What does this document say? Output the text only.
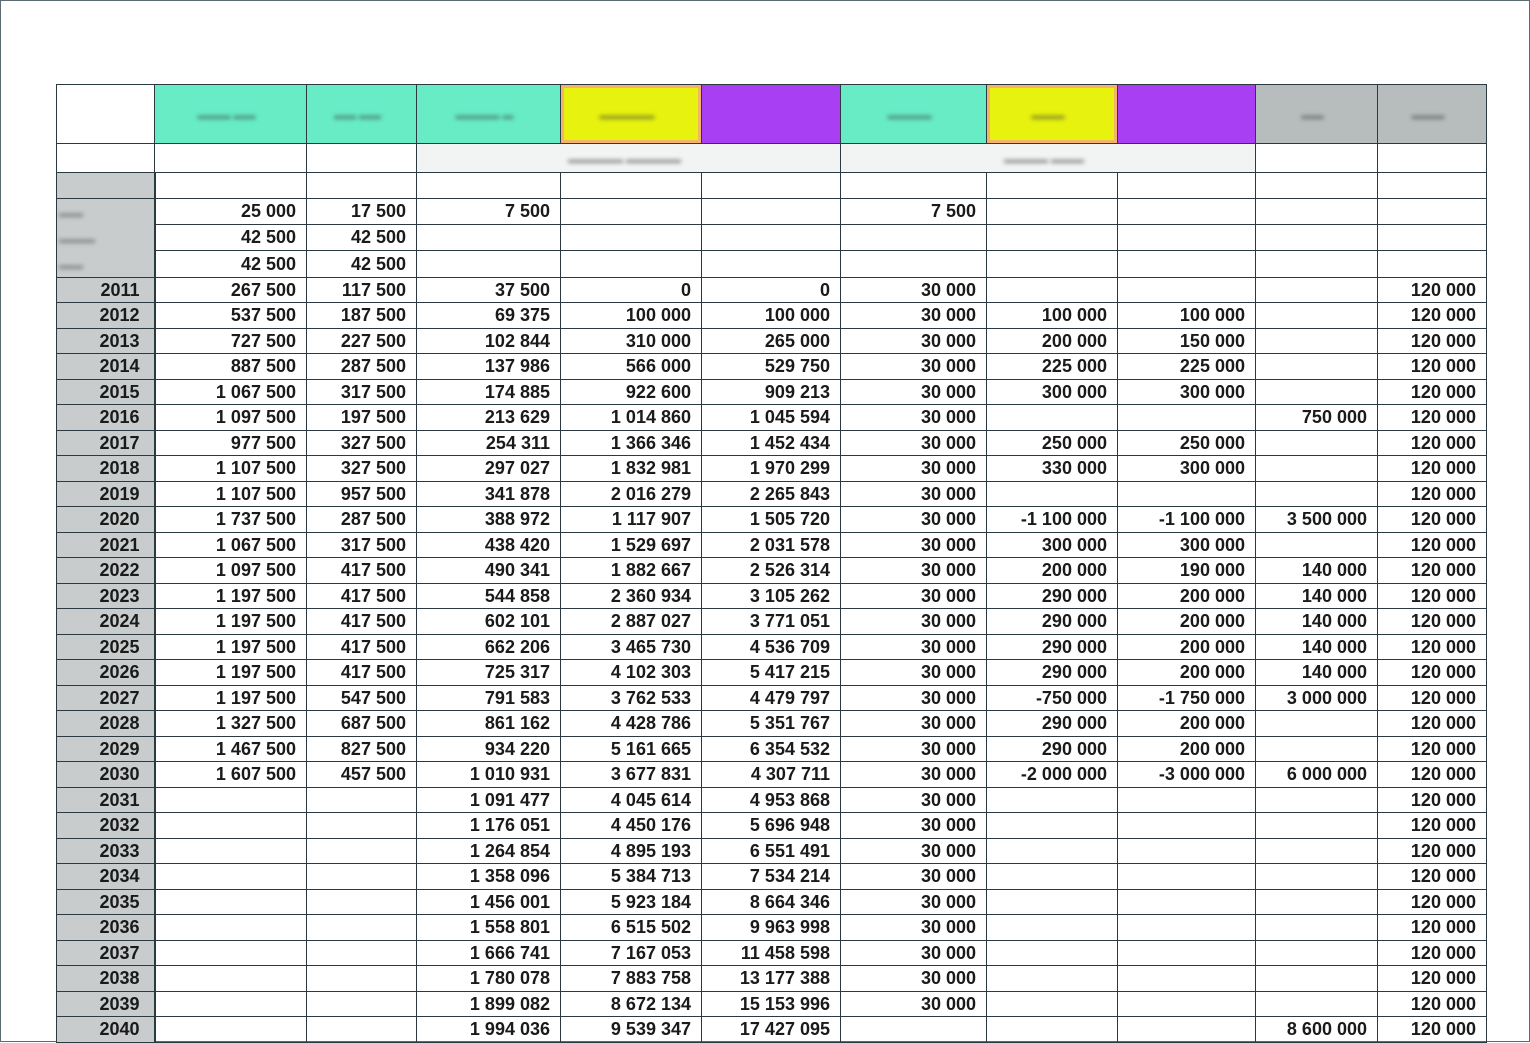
	▬▬▬ ▬▬	▬▬ ▬▬	▬▬▬▬ ▬	▬▬▬▬▬		▬▬▬▬	▬▬▬		▬▬	▬▬▬
			▬▬▬▬▬ ▬▬▬▬▬			▬▬▬▬ ▬▬▬				

▬▬
▬▬▬
▬▬	25 000	17 500	7 500			7 500				
	42 500	42 500								
	42 500	42 500								
2011	267 500	117 500	37 500	0	0	30 000				120 000
2012	537 500	187 500	69 375	100 000	100 000	30 000	100 000	100 000		120 000
2013	727 500	227 500	102 844	310 000	265 000	30 000	200 000	150 000		120 000
2014	887 500	287 500	137 986	566 000	529 750	30 000	225 000	225 000		120 000
2015	1 067 500	317 500	174 885	922 600	909 213	30 000	300 000	300 000		120 000
2016	1 097 500	197 500	213 629	1 014 860	1 045 594	30 000			750 000	120 000
2017	977 500	327 500	254 311	1 366 346	1 452 434	30 000	250 000	250 000		120 000
2018	1 107 500	327 500	297 027	1 832 981	1 970 299	30 000	330 000	300 000		120 000
2019	1 107 500	957 500	341 878	2 016 279	2 265 843	30 000				120 000
2020	1 737 500	287 500	388 972	1 117 907	1 505 720	30 000	-1 100 000	-1 100 000	3 500 000	120 000
2021	1 067 500	317 500	438 420	1 529 697	2 031 578	30 000	300 000	300 000		120 000
2022	1 097 500	417 500	490 341	1 882 667	2 526 314	30 000	200 000	190 000	140 000	120 000
2023	1 197 500	417 500	544 858	2 360 934	3 105 262	30 000	290 000	200 000	140 000	120 000
2024	1 197 500	417 500	602 101	2 887 027	3 771 051	30 000	290 000	200 000	140 000	120 000
2025	1 197 500	417 500	662 206	3 465 730	4 536 709	30 000	290 000	200 000	140 000	120 000
2026	1 197 500	417 500	725 317	4 102 303	5 417 215	30 000	290 000	200 000	140 000	120 000
2027	1 197 500	547 500	791 583	3 762 533	4 479 797	30 000	-750 000	-1 750 000	3 000 000	120 000
2028	1 327 500	687 500	861 162	4 428 786	5 351 767	30 000	290 000	200 000		120 000
2029	1 467 500	827 500	934 220	5 161 665	6 354 532	30 000	290 000	200 000		120 000
2030	1 607 500	457 500	1 010 931	3 677 831	4 307 711	30 000	-2 000 000	-3 000 000	6 000 000	120 000
2031			1 091 477	4 045 614	4 953 868	30 000				120 000
2032			1 176 051	4 450 176	5 696 948	30 000				120 000
2033			1 264 854	4 895 193	6 551 491	30 000				120 000
2034			1 358 096	5 384 713	7 534 214	30 000				120 000
2035			1 456 001	5 923 184	8 664 346	30 000				120 000
2036			1 558 801	6 515 502	9 963 998	30 000				120 000
2037			1 666 741	7 167 053	11 458 598	30 000				120 000
2038			1 780 078	7 883 758	13 177 388	30 000				120 000
2039			1 899 082	8 672 134	15 153 996	30 000				120 000
2040			1 994 036	9 539 347	17 427 095				8 600 000	120 000
